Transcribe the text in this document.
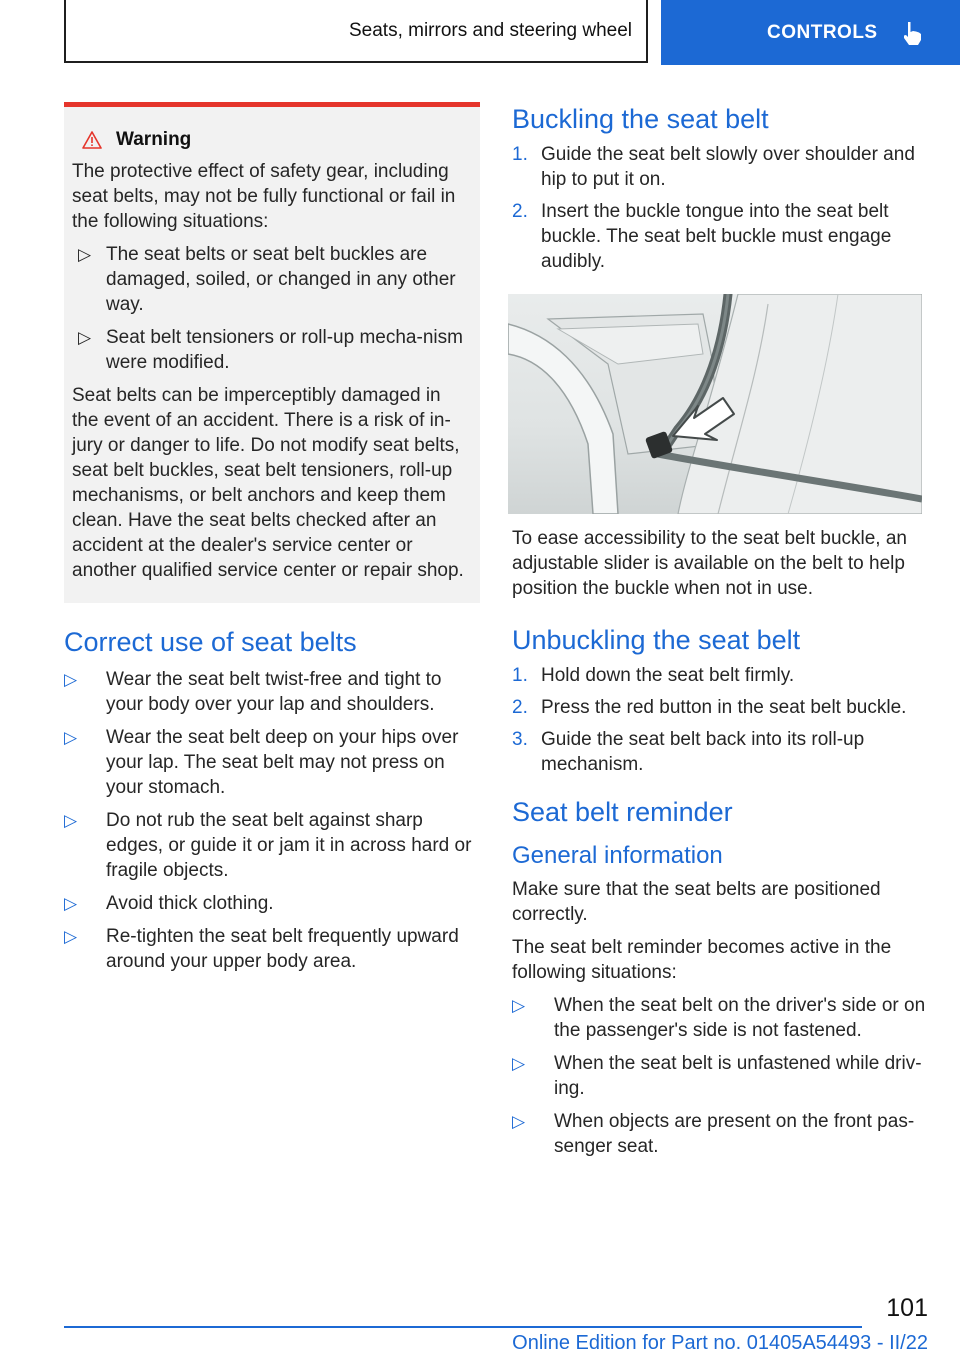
Seats, mirrors and steering wheel	CONTROLS
Warning

The protective effect of safety gear, including seat belts, may not be fully functional or fail in the following situations:

▷ The seat belts or seat belt buckles are damaged, soiled, or changed in any other way.
▷ Seat belt tensioners or roll-up mecha-nism were modified.

Seat belts can be imperceptibly damaged in the event of an accident. There is a risk of in-jury or danger to life. Do not modify seat belts, seat belt buckles, seat belt tensioners, roll-up mechanisms, or belt anchors and keep them clean. Have the seat belts checked after an accident at the dealer's service center or another qualified service center or repair shop.

Correct use of seat belts
▷ Wear the seat belt twist-free and tight to your body over your lap and shoulders.
▷ Wear the seat belt deep on your hips over your lap. The seat belt may not press on your stomach.
▷ Do not rub the seat belt against sharp edges, or guide it or jam it in across hard or fragile objects.
▷ Avoid thick clothing.
▷ Re-tighten the seat belt frequently upward around your upper body area.
Buckling the seat belt
1. Guide the seat belt slowly over shoulder and hip to put it on.
2. Insert the buckle tongue into the seat belt buckle. The seat belt buckle must engage audibly.

To ease accessibility to the seat belt buckle, an adjustable slider is available on the belt to help position the buckle when not in use.

Unbuckling the seat belt
1. Hold down the seat belt firmly.
2. Press the red button in the seat belt buckle.
3. Guide the seat belt back into its roll-up mechanism.
Seat belt reminder
General information

Make sure that the seat belts are positioned correctly.

The seat belt reminder becomes active in the following situations:

▷ When the seat belt on the driver's side or on the passenger's side is not fastened.
▷ When the seat belt is unfastened while driv-ing.
▷ When objects are present on the front pas-senger seat.
101
Online Edition for Part no. 01405A54493 - II/22
